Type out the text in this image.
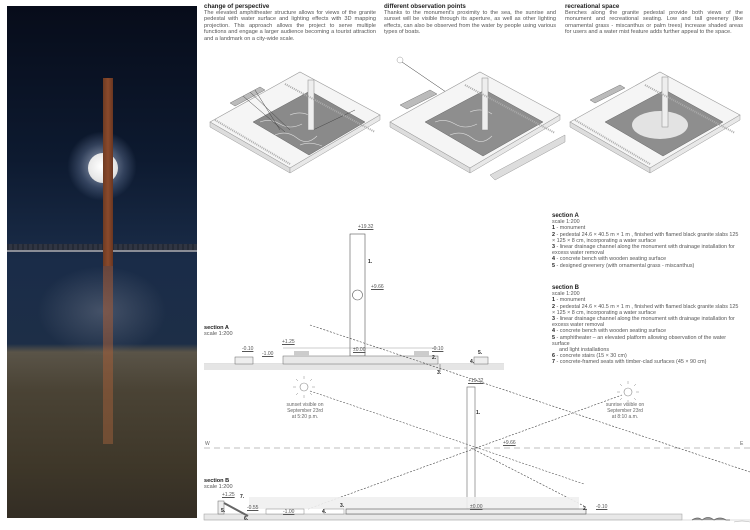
change of perspective
The elevated amphitheater structure allows for views of the granite pedestal with water surface and lighting effects with 3D mapping projection. This approach allows the project to serve multiple functions and engage a larger audience becoming a tourist attraction and a landmark on a city-wide scale.
different observation points
Thanks to the monument's proximity to the sea, the sunrise and sunset will be visible through its aperture, as well as other lighting effects, can also be observed from the water by people using various types of boats.
recreational space
Benches along the granite pedestal provide both views of the monument and recreational seating. Low and tall greenery (like ornamental grass - miscanthus or palm trees) increase shaded areas for users and a water mist feature adds further appeal to the space.
+19.32
+9.66
+1.25
-0.10
-1.00
±0.00	-0.10
1.
2.
3.
4.
5.
section A
scale 1:200
section A
scale 1:200
1 - monument
2 - pedestal 24.6 × 40.5 m × 1 m , finished with flamed black granite slabs 125 × 125 × 8 cm, incorporating a water surface
3 - linear drainage channel along the monument with drainage installation for excess water removal
4 - concrete bench with wooden seating surface
5 - designed greenery (with ornamental grass - miscanthus)
section B
scale 1:200
1 - monument
2 - pedestal 24.6 × 40.5 m × 1 m , finished with flamed black granite slabs 125 × 125 × 8 cm, incorporating a water surface
3 - linear drainage channel along the monument with drainage installation for excess water removal
4 - concrete bench with wooden seating surface
5 - amphitheater – an elevated platform allowing observation of the water surface
and light installations
6 - concrete stairs (15 × 30 cm)
7 - concrete-framed seats with timber-clad surfaces (45 × 90 cm)
section B
scale 1:200
sunset visible on
September 23rd
at 5:20 p.m.
sunrise visible on
September 23rd
at 8:10 a.m.
W	E
+19.32
+9.66
+1.25
-0.55
-1.00
±0.00	-0.10
1.
2.
3.
4.
5.
6.
7.
